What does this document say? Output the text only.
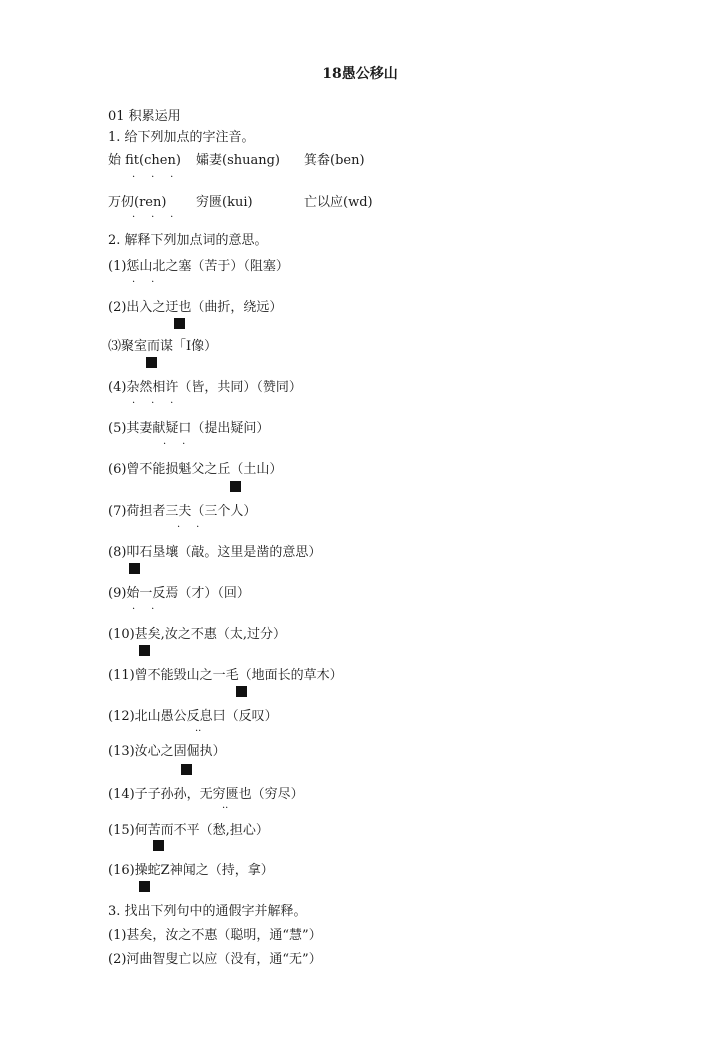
18愚公移山
01 积累运用
1. 给下列加点的字注音。
始 fit(chen) 孀妻(shuang) 箕畚(ben)
·     ·     ·
万仞(ren) 穷匮(kui)	亡以应(wd)
·     ·     ·
2. 解释下列加点词的意思。
(1)惩山北之塞（苦于）（阻塞）
·     ·
(2)出入之迂也（曲折，绕远）
⑶聚室而谋「I像）
(4)杂然相许（皆，共同）（赞同）
·     ·     ·
(5)其妻献疑口（提出疑问）
·     ·
(6)曾不能损魁父之丘（土山）
(7)荷担者三夫（三个人）
·     ·
(8)叩石垦壤（敲。这里是凿的意思）
(9)始一反焉（才）（回）
·     ·
(10)甚矣,汝之不惠（太,过分）
(11)曾不能毁山之一毛（地面长的草木）
(12)北山愚公反息曰（反叹）
··
(13)汝心之固倔执）
(14)子子孙孙，无穷匮也（穷尽）
··
(15)何苦而不平（愁,担心）
(16)操蛇Z神闻之（持，拿）
3. 找出下列句中的通假字并解释。
(1)甚矣，汝之不惠（聪明，通“慧”）
(2)河曲智叟亡以应（没有，通“无”）
